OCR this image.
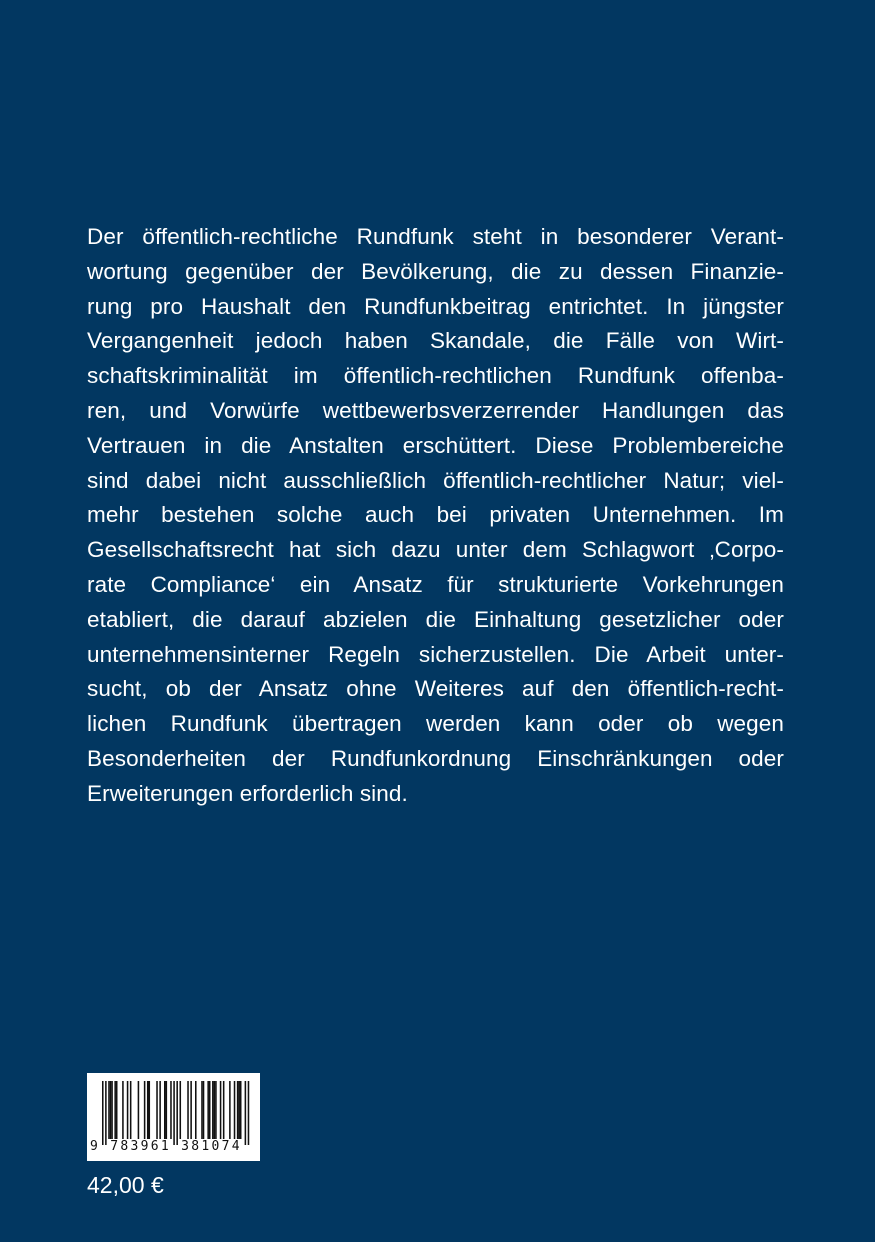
Der öffentlich-rechtliche Rundfunk steht in besonderer Verant-
wortung gegenüber der Bevölkerung, die zu dessen Finanzie-
rung pro Haushalt den Rundfunkbeitrag entrichtet. In jüngster
Vergangenheit jedoch haben Skandale, die Fälle von Wirt-
schaftskriminalität im öffentlich-rechtlichen Rundfunk offenba-
ren, und Vorwürfe wettbewerbsverzerrender Handlungen das
Vertrauen in die Anstalten erschüttert. Diese Problembereiche
sind dabei nicht ausschließlich öffentlich-rechtlicher Natur; viel-
mehr bestehen solche auch bei privaten Unternehmen. Im
Gesellschaftsrecht hat sich dazu unter dem Schlagwort ‚Corpo-
rate Compliance‘ ein Ansatz für strukturierte Vorkehrungen
etabliert, die darauf abzielen die Einhaltung gesetzlicher oder
unternehmensinterner Regeln sicherzustellen. Die Arbeit unter-
sucht, ob der Ansatz ohne Weiteres auf den öffentlich-recht-
lichen Rundfunk übertragen werden kann oder ob wegen
Besonderheiten der Rundfunkordnung Einschränkungen oder
Erweiterungen erforderlich sind.
9 783961 381074
42,00 €
